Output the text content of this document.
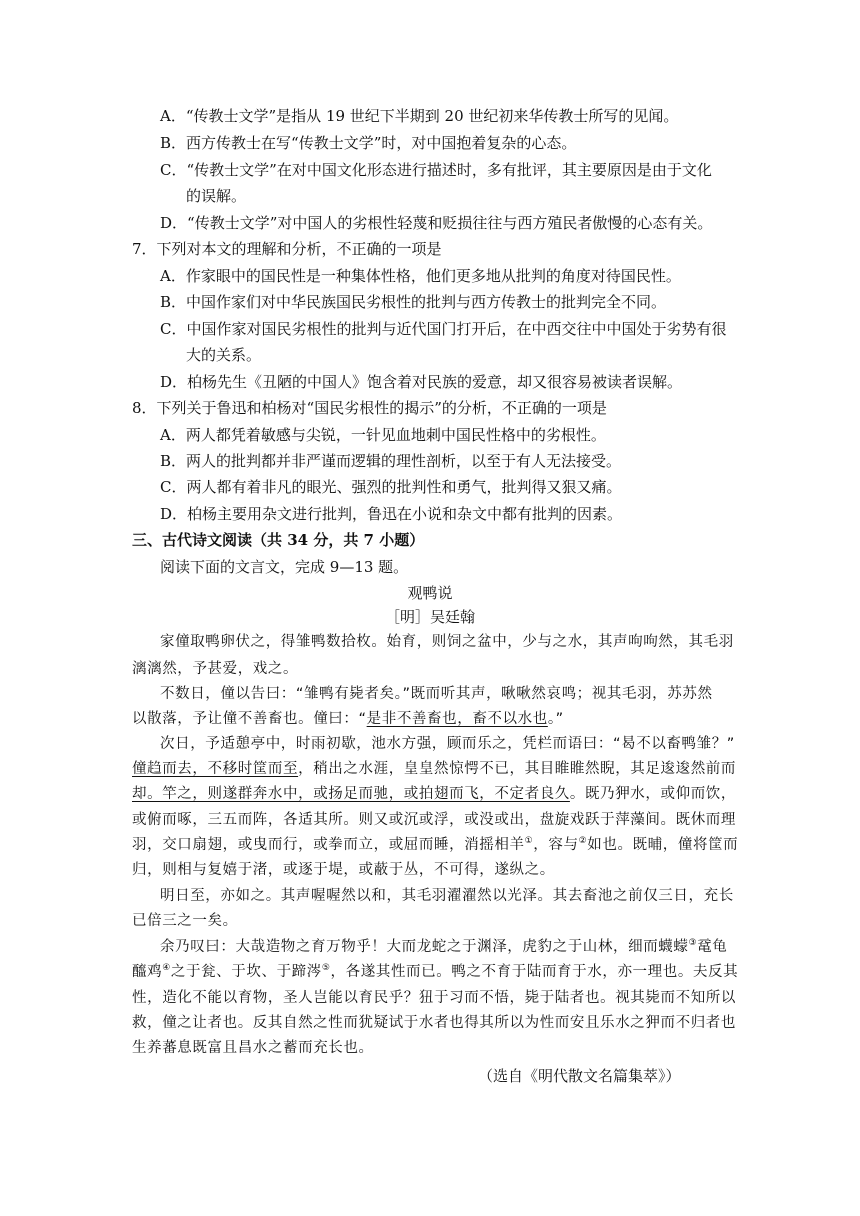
A．“传教士文学”是指从 19 世纪下半期到 20 世纪初来华传教士所写的见闻。
B．西方传教士在写“传教士文学”时，对中国抱着复杂的心态。
C．“传教士文学”在对中国文化形态进行描述时，多有批评，其主要原因是由于文化
的误解。
D．“传教士文学”对中国人的劣根性轻蔑和贬损往往与西方殖民者傲慢的心态有关。
7．下列对本文的理解和分析，不正确的一项是
A．作家眼中的国民性是一种集体性格，他们更多地从批判的角度对待国民性。
B．中国作家们对中华民族国民劣根性的批判与西方传教士的批判完全不同。
C．中国作家对国民劣根性的批判与近代国门打开后，在中西交往中中国处于劣势有很
大的关系。
D．柏杨先生《丑陋的中国人》饱含着对民族的爱意，却又很容易被读者误解。
8．下列关于鲁迅和柏杨对“国民劣根性的揭示”的分析，不正确的一项是
A．两人都凭着敏感与尖锐，一针见血地刺中国民性格中的劣根性。
B．两人的批判都并非严谨而逻辑的理性剖析，以至于有人无法接受。
C．两人都有着非凡的眼光、强烈的批判性和勇气，批判得又狠又痛。
D．柏杨主要用杂文进行批判，鲁迅在小说和杂文中都有批判的因素。
三、古代诗文阅读（共 34 分，共 7 小题）
阅读下面的文言文，完成 9—13 题。
观鸭说
［明］吴廷翰
家僮取鸭卵伏之，得雏鸭数拾枚。始育，则饲之盆中，少与之水，其声呴呴然，其毛羽
漓漓然，予甚爱，戏之。
不数日，僮以告曰：“雏鸭有毙者矣。”既而听其声，啾啾然哀鸣；视其毛羽，苏苏然
以散落，予让僮不善畜也。僮曰：“是非不善畜也，畜不以水也。”
次日，予适憩亭中，时雨初歇，池水方强，顾而乐之，凭栏而语曰：“曷不以畜鸭雏？”
僮趋而去，不移时筐而至，稍出之水涯，皇皇然惊愕不已，其目睢睢然睨，其足逡逡然前而
却。竿之，则遂群奔水中，或扬足而驰，或拍翅而飞，不定者良久。既乃狎水，或仰而饮，
或俯而啄，三五而阵，各适其所。则又或沉或浮，或没或出，盘旋戏跃于萍藻间。既休而理
羽，交口扇翅，或曳而行，或拳而立，或屈而睡，消摇相羊①，容与②如也。既晡，僮将筐而
归，则相与复嬉于渚，或逐于堤，或蔽于丛，不可得，遂纵之。
明日至，亦如之。其声喔喔然以和，其毛羽濯濯然以光泽。其去畜池之前仅三日，充长
已倍三之一矣。
余乃叹曰：大哉造物之育万物乎！大而龙蛇之于渊泽，虎豹之于山林，细而蠛蠓③鼋龟
醯鸡④之于瓮、于坎、于蹄涔⑤，各遂其性而已。鸭之不育于陆而育于水，亦一理也。夫反其
性，造化不能以育物，圣人岂能以育民乎？狃于习而不悟，毙于陆者也。视其毙而不知所以
救，僮之让者也。反其自然之性而犹疑试于水者也得其所以为性而安且乐水之狎而不归者也
生养蕃息既富且昌水之蓄而充长也。
（选自《明代散文名篇集萃》）
